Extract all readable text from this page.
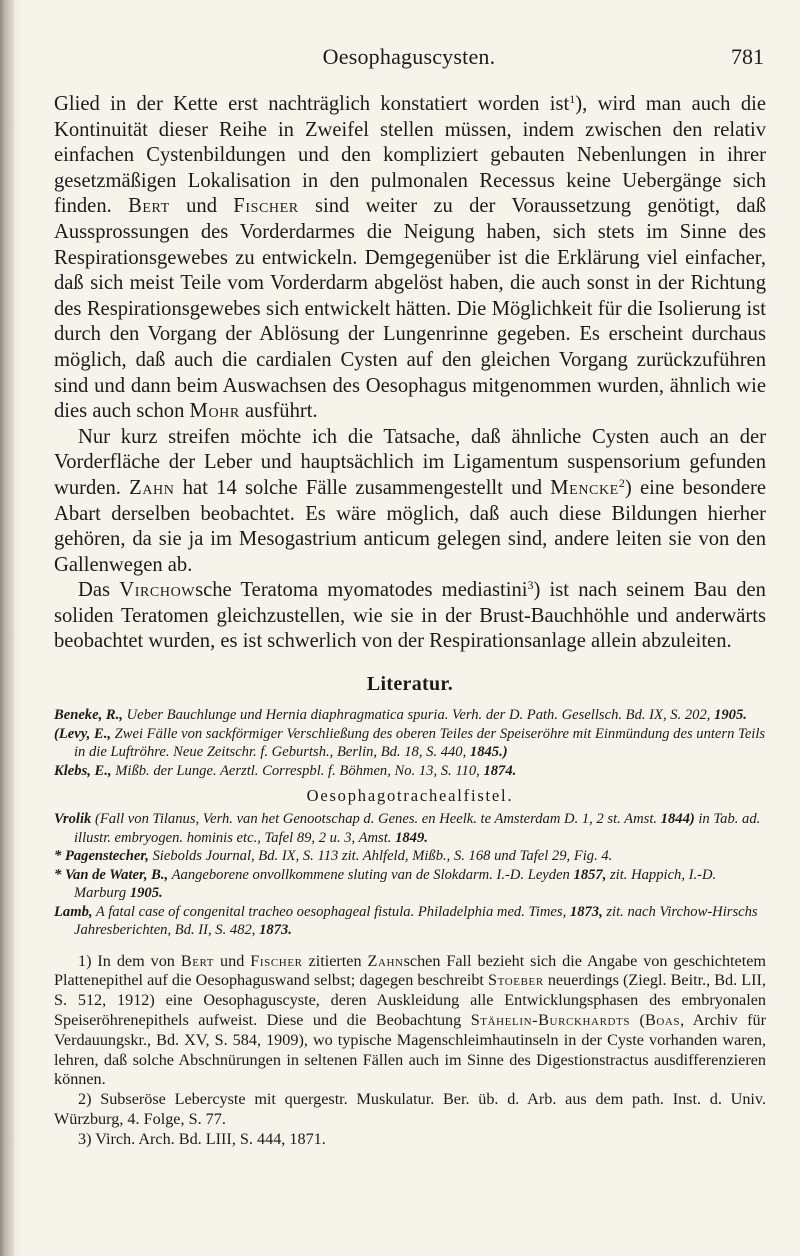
Oesophaguscysten.	781

Glied in der Kette erst nachträglich konstatiert worden ist$^1$), wird man auch die Kontinuität dieser Reihe in Zweifel stellen müssen, indem zwischen den relativ einfachen Cystenbildungen und den kompliziert gebauten Nebenlungen in ihrer gesetzmäßigen Lokalisation in den pulmonalen Recessus keine Uebergänge sich finden. Bert und Fischer sind weiter zu der Voraussetzung genötigt, daß Aussprossungen des Vorderdarmes die Neigung haben, sich stets im Sinne des Respirationsgewebes zu entwickeln. Demgegenüber ist die Erklärung viel einfacher, daß sich meist Teile vom Vorderdarm abgelöst haben, die auch sonst in der Richtung des Respirationsgewebes sich entwickelt hätten. Die Möglichkeit für die Isolierung ist durch den Vorgang der Ablösung der Lungenrinne gegeben. Es erscheint durchaus möglich, daß auch die cardialen Cysten auf den gleichen Vorgang zurückzuführen sind und dann beim Auswachsen des Oesophagus mitgenommen wurden, ähnlich wie dies auch schon Mohr ausführt.

Nur kurz streifen möchte ich die Tatsache, daß ähnliche Cysten auch an der Vorderfläche der Leber und hauptsächlich im Ligamentum suspensorium gefunden wurden. Zahn hat 14 solche Fälle zusammengestellt und Mencke$^2$) eine besondere Abart derselben beobachtet. Es wäre möglich, daß auch diese Bildungen hierher gehören, da sie ja im Mesogastrium anticum gelegen sind, andere leiten sie von den Gallenwegen ab.

Das Virchowsche Teratoma myomatodes mediastini$^3$) ist nach seinem Bau den soliden Teratomen gleichzustellen, wie sie in der Brust-Bauchhöhle und anderwärts beobachtet wurden, es ist schwerlich von der Respirationsanlage allein abzuleiten.

Literatur.

Beneke, R., Ueber Bauchlunge und Hernia diaphragmatica spuria. Verh. der D. Path. Gesellsch. Bd. IX, S. 202, 1905.

(Levy, E., Zwei Fälle von sackförmiger Verschließung des oberen Teiles der Speiseröhre mit Einmündung des untern Teils in die Luftröhre. Neue Zeitschr. f. Geburtsh., Berlin, Bd. 18, S. 440, 1845.)

Klebs, E., Mißb. der Lunge. Aerztl. Correspbl. f. Böhmen, No. 13, S. 110, 1874.

Oesophagotrachealfistel.

Vrolik (Fall von Tilanus, Verh. van het Genootschap d. Genes. en Heelk. te Amsterdam D. 1, 2 st. Amst. 1844) in Tab. ad. illustr. embryogen. hominis etc., Tafel 89, 2 u. 3, Amst. 1849.

* Pagenstecher, Siebolds Journal, Bd. IX, S. 113 zit. Ahlfeld, Mißb., S. 168 und Tafel 29, Fig. 4.

* Van de Water, B., Aangeborene onvollkommene sluting van de Slokdarm. I.-D. Leyden 1857, zit. Happich, I.-D. Marburg 1905.

Lamb, A fatal case of congenital tracheo oesophageal fistula. Philadelphia med. Times, 1873, zit. nach Virchow-Hirschs Jahresberichten, Bd. II, S. 482, 1873.

1) In dem von Bert und Fischer zitierten Zahnschen Fall bezieht sich die Angabe von geschichtetem Plattenepithel auf die Oesophaguswand selbst; dagegen beschreibt Stoeber neuerdings (Ziegl. Beitr., Bd. LII, S. 512, 1912) eine Oesophaguscyste, deren Auskleidung alle Entwicklungsphasen des embryonalen Speiseröhrenepithels aufweist. Diese und die Beobachtung Stähelin-Burckhardts (Boas, Archiv für Verdauungskr., Bd. XV, S. 584, 1909), wo typische Magenschleimhautinseln in der Cyste vorhanden waren, lehren, daß solche Abschnürungen in seltenen Fällen auch im Sinne des Digestionstractus ausdifferenzieren können.

2) Subseröse Lebercyste mit quergestr. Muskulatur. Ber. üb. d. Arb. aus dem path. Inst. d. Univ. Würzburg, 4. Folge, S. 77.

3) Virch. Arch. Bd. LIII, S. 444, 1871.
